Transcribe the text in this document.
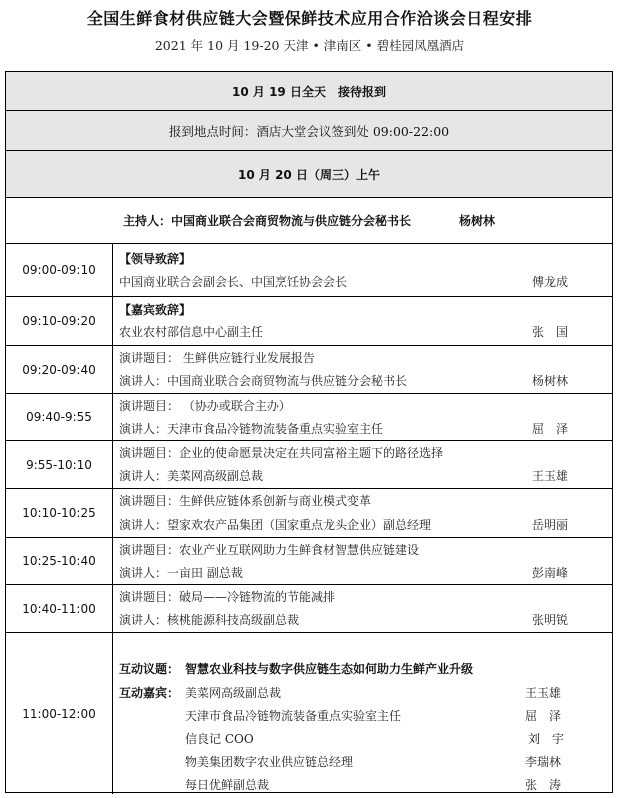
全国生鲜食材供应链大会暨保鲜技术应用合作洽谈会日程安排
2021 年 10 月 19-20 天津 • 津南区 • 碧桂园凤凰酒店
10 月 19 日全天 接待报到
报到地点时间：酒店大堂会议签到处 09:00-22:00
10 月 20 日（周三）上午
主持人：中国商业联合会商贸物流与供应链分会秘书长	杨树林
09:00-09:10
【领导致辞】
中国商业联合会副会长、中国烹饪协会会长	傅龙成
09:10-09:20
【嘉宾致辞】
农业农村部信息中心副主任	张　国
09:20-09:40
演讲题目： 生鲜供应链行业发展报告
演讲人：中国商业联合会商贸物流与供应链分会秘书长	杨树林
09:40-9:55
演讲题目： （协办或联合主办）
演讲人：天津市食品冷链物流装备重点实验室主任	屈　泽
9:55-10:10
演讲题目：企业的使命愿景决定在共同富裕主题下的路径选择
演讲人：美菜网高级副总裁	王玉雄
10:10-10:25
演讲题目：生鲜供应链体系创新与商业模式变革
演讲人：望家欢农产品集团（国家重点龙头企业）副总经理	岳明丽
10:25-10:40
演讲题目：农业产业互联网助力生鲜食材智慧供应链建设
演讲人：一亩田 副总裁	彭南峰
10:40-11:00
演讲题目：破局——冷链物流的节能减排
演讲人：核桃能源科技高级副总裁	张明锐
11:00-12:00
互动议题： 智慧农业科技与数字供应链生态如何助力生鲜产业升级
互动嘉宾： 美菜网高级副总裁	王玉雄
天津市食品冷链物流装备重点实验室主任	屈　泽
信良记 COO	刘　宇
物美集团数字农业供应链总经理	李瑞林
每日优鲜副总裁	张　涛
